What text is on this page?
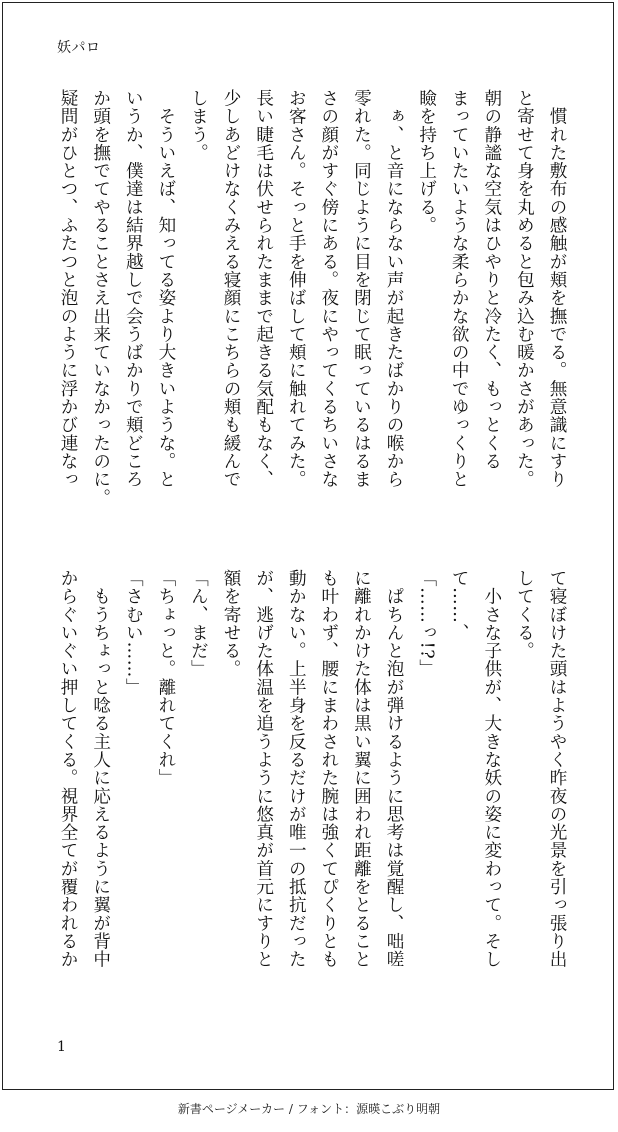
妖パロ
　慣れた敷布の感触が頬を撫でる。無意識にすり
と寄せて身を丸めると包み込む暖かさがあった。
朝の静謐な空気はひやりと冷たく、もっとくる
まっていたいような柔らかな欲の中でゆっくりと
瞼を持ち上げる。
　ぁ、と音にならない声が起きたばかりの喉から
零れた。同じように目を閉じて眠っているはるま
さの顔がすぐ傍にある。夜にやってくるちいさな
お客さん。そっと手を伸ばして頬に触れてみた。
長い睫毛は伏せられたままで起きる気配もなく、
少しあどけなくみえる寝顔にこちらの頬も緩んで
しまう。
　そういえば、知ってる姿より大きいような。と
いうか、僕達は結界越しで会うばかりで頬どころ
か頭を撫でてやることさえ出来ていなかったのに。
疑問がひとつ、ふたつと泡のように浮かび連なっ
て寝ぼけた頭はようやく昨夜の光景を引っ張り出
してくる。
　小さな子供が、大きな妖の姿に変わって。そし
て……、
「……っ!?」
　ぱちんと泡が弾けるように思考は覚醒し、咄嗟
に離れかけた体は黒い翼に囲われ距離をとること
も叶わず、腰にまわされた腕は強くてぴくりとも
動かない。上半身を反るだけが唯一の抵抗だった
が、逃げた体温を追うように悠真が首元にすりと
額を寄せる。
「ん、まだ」
「ちょっと。離れてくれ」
「さむい……」
　もうちょっと唸る主人に応えるように翼が背中
からぐいぐい押してくる。視界全てが覆われるか
1
新書ページメーカー / フォント：源暎こぶり明朝
